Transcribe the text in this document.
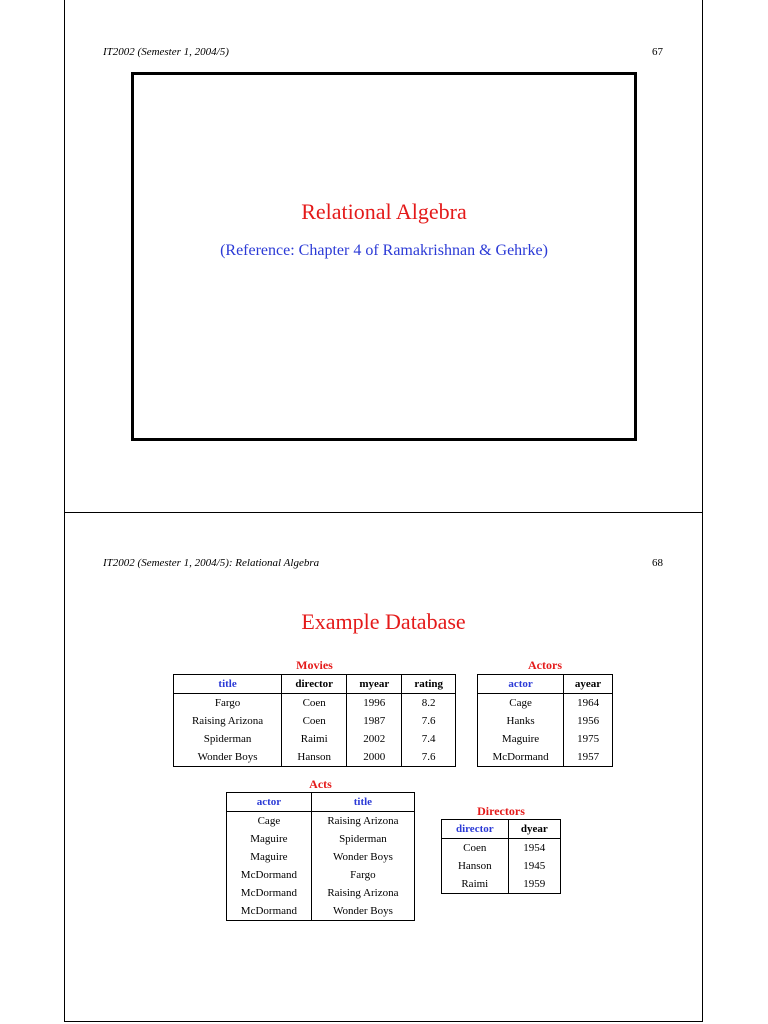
IT2002 (Semester 1, 2004/5)	67
Relational Algebra
(Reference: Chapter 4 of Ramakrishnan & Gehrke)
IT2002 (Semester 1, 2004/5): Relational Algebra	68
Example Database
Movies
title	director	myear	rating
Fargo	Coen	1996	8.2
Raising Arizona	Coen	1987	7.6
Spiderman	Raimi	2002	7.4
Wonder Boys	Hanson	2000	7.6
Actors
actor	ayear
Cage	1964
Hanks	1956
Maguire	1975
McDormand	1957
Acts
actor	title
Cage	Raising Arizona
Maguire	Spiderman
Maguire	Wonder Boys
McDormand	Fargo
McDormand	Raising Arizona
McDormand	Wonder Boys
Directors
director	dyear
Coen	1954
Hanson	1945
Raimi	1959
